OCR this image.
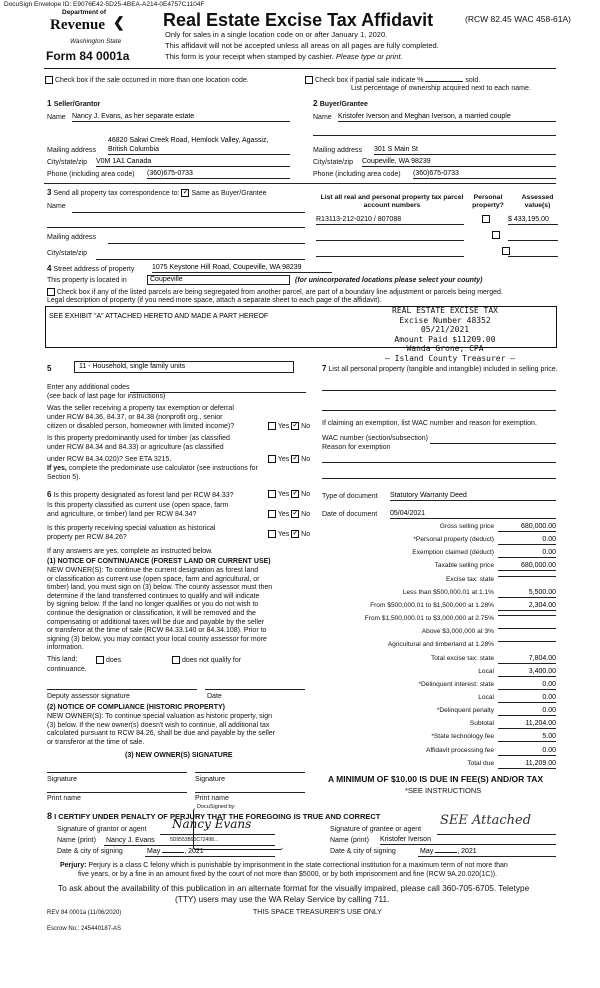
DocuSign Envelope ID: E9076E42-5D25-4BEA-A214-0E4757C1104F
Department of
Revenue ❮
Washington State
Form 84 0001a
Real Estate Excise Tax Affidavit	(RCW 82.45 WAC 458-61A)
Only for sales in a single location code on or after January 1, 2020.
This affidavit will not be accepted unless all areas on all pages are fully completed.
This form is your receipt when stamped by cashier. Please type or print.
Check box if the sale occurred in more than one location code.	Check box if partial sale indicate %	sold.
List percentage of ownership acquired next to each name.
1 Seller/Grantor
Name Nancy J. Evans, as her separate estate
46820 Sakwi Creek Road, Hemlock Valley, Agassiz,
Mailing address British Columbia
City/state/zip V0M 1A1 Canada
Phone (including area code) (360)675-0733
2 Buyer/Grantee
Name Kristofer Iverson and Meghan Iverson, a married couple
Mailing address 301 S Main St
City/state/zip Coupeville, WA 98239
Phone (including area code) (360)675-0733
3 Send all property tax correspondence to: ✓ Same as Buyer/Grantee
Name
Mailing address
City/state/zip
List all real and personal property tax parcel account numbers
Personal property?
Assessed value(s)
R13113-212-0210 / 807088
	$ 433,195.00

4 Street address of property	1075 Keystone Hill Road, Coupeville, WA 98239
This property is located in	Coupeville	(for unincorporated locations please select your county)
Check box if any of the listed parcels are being segregated from another parcel, are part of a boundary line adjustment or parcels being merged.
Legal description of property (if you need more space, attach a separate sheet to each page of the affidavit).
SEE EXHIBIT "A" ATTACHED HERETO AND MADE A PART HEREOF
REAL ESTATE EXCISE TAX
Excise Number 48352
05/21/2021
Amount Paid $11209.00
Wanda Grone, CPA
— Island County Treasurer —
5	11 - Household, single family units
Enter any additional codes
(see back of last page for instructions)
Was the seller receiving a property tax exemption or deferral
under RCW 84.36, 84.37, or 84.38 (nonprofit org., senior
citizen or disabled person, homeowner with limited income)?	Yes ✓ No
Is this property predominantly used for timber (as classified
under RCW 84.34 and 84.33) or agriculture (as classified
under RCW 84.34.020)? See ETA 3215.	Yes ✓ No
If yes, complete the predominate use calculator (see instructions for
Section 5).
7 List all personal property (tangible and intangible) included in selling price.
If claiming an exemption, list WAC number and reason for exemption.
WAC number (section/subsection)
Reason for exemption
6 Is this property designated as forest land per RCW 84.33?	Yes ✓ No
Is this property classified as current use (open space, farm
and agriculture, or timber) land per RCW 84.34?	Yes ✓ No
Is this property receiving special valuation as historical
property per RCW 84.26?	Yes ✓ No
If any answers are yes, complete as instructed below.
(1) NOTICE OF CONTINUANCE (FOREST LAND OR CURRENT USE)
NEW OWNER(S): To continue the current designation as forest land
or classification as current use (open space, farm and agricultural, or
timber) land, you must sign on (3) below. The county assessor must then
determine if the land transferred continues to qualify and will indicate
by signing below. If the land no longer qualifies or you do not wish to
continue the designation or classification, it will be removed and the
compensating or additional taxes will be due and payable by the seller
or transferor at the time of sale (RCW 84.33.140 or 84.34.108). Prior to
signing (3) below, you may contact your local county assessor for more
information.
This land:	does	does not qualify for
continuance.
Deputy assessor signature	Date
(2) NOTICE OF COMPLIANCE (HISTORIC PROPERTY)
NEW OWNER(S): To continue special valuation as historic property, sign
(3) below. If the new owner(s) doesn't wish to continue, all additional tax
calculated pursuant to RCW 84.26, shall be due and payable by the seller
or transferor at the time of sale.
(3) NEW OWNER(S) SIGNATURE
Signature	Signature
Print name	Print name
Type of document Statutory Warranty Deed
Date of document 05/04/2021
Gross selling price	680,000.00
*Personal property (deduct)	0.00
Exemption claimed (deduct)	0.00
Taxable selling price	680,000.00
Excise tax: state
Less than $500,000.01 at 1.1%	5,500.00
From $500,000.01 to $1,500,000 at 1.28%	2,304.00
From $1,500,000.01 to $3,000,000 at 2.75%
Above $3,000,000 at 3%
Agricultural and timberland at 1.28%
Total excise tax: state	7,804.00
Local	3,400.00
*Delinquent interest: state	0.00
Local	0.00
*Delinquent penalty	0.00
Subtotal	11,204.00
*State technology fee	5.00
Affidavit processing fee	0.00
Total due	11,209.00
A MINIMUM OF $10.00 IS DUE IN FEE(S) AND/OR TAX
*SEE INSTRUCTIONS
DocuSigned by:
8 I CERTIFY UNDER PENALTY OF PERJURY THAT THE FOREGOING IS TRUE AND CORRECT
Signature of grantor or agent Nancy Evans
Name (print) Nancy J. Evans	5D9553B91C72498...
Date & city of signing	May	, 2021
Signature of grantee or agent
SEE Attached
Name (print) Kristofer Iverson
Date & city of signing	May	, 2021
Perjury: Perjury is a class C felony which is punishable by imprisonment in the state correctional institution for a maximum term of not more than
five years, or by a fine in an amount fixed by the court of not more than $5000, or by both imprisonment and fine (RCW 9A.20.020(1C)).
To ask about the availability of this publication in an alternate format for the visually impaired, please call 360-705-6705. Teletype
(TTY) users may use the WA Relay Service by calling 711.
REV 84 0001a (11/06/2020)	THIS SPACE TREASURER'S USE ONLY
Escrow No.: 245440187-AS
